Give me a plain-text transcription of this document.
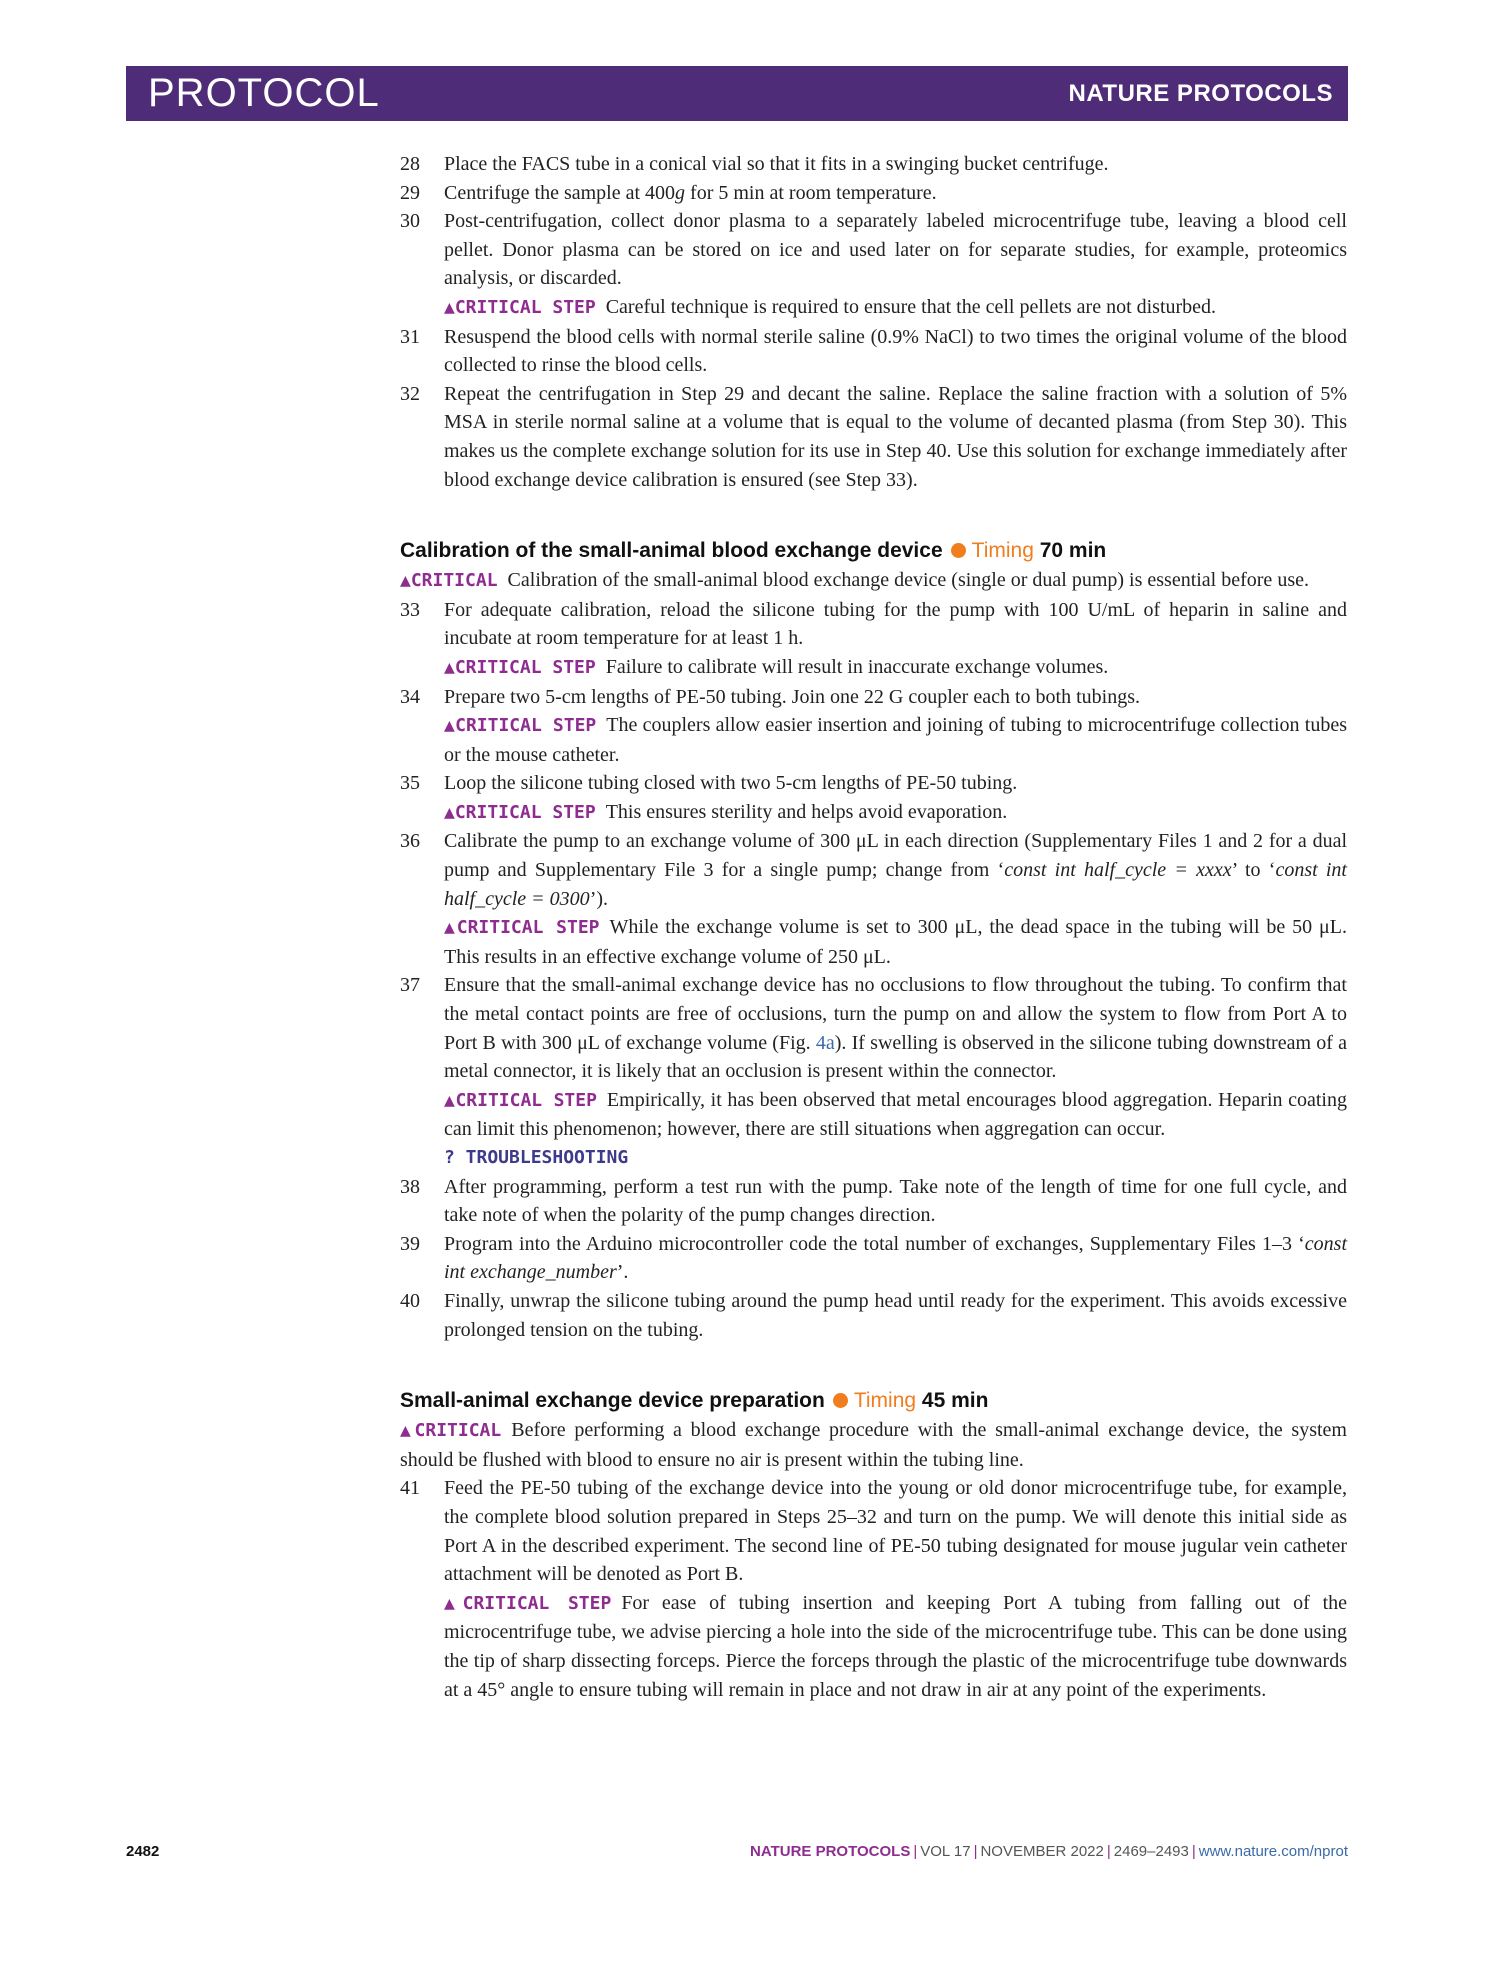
PROTOCOL	NATURE PROTOCOLS
28 Place the FACS tube in a conical vial so that it fits in a swinging bucket centrifuge.
29 Centrifuge the sample at 400g for 5 min at room temperature.
30 Post-centrifugation, collect donor plasma to a separately labeled microcentrifuge tube, leaving a blood cell pellet. Donor plasma can be stored on ice and used later on for separate studies, for example, proteomics analysis, or discarded.
▲CRITICAL STEP Careful technique is required to ensure that the cell pellets are not disturbed.
31 Resuspend the blood cells with normal sterile saline (0.9% NaCl) to two times the original volume of the blood collected to rinse the blood cells.
32 Repeat the centrifugation in Step 29 and decant the saline. Replace the saline fraction with a solution of 5% MSA in sterile normal saline at a volume that is equal to the volume of decanted plasma (from Step 30). This makes us the complete exchange solution for its use in Step 40. Use this solution for exchange immediately after blood exchange device calibration is ensured (see Step 33).
Calibration of the small-animal blood exchange device Timing 70 min
▲CRITICAL Calibration of the small-animal blood exchange device (single or dual pump) is essential before use.
33 For adequate calibration, reload the silicone tubing for the pump with 100 U/mL of heparin in saline and incubate at room temperature for at least 1 h.
▲CRITICAL STEP Failure to calibrate will result in inaccurate exchange volumes.
34 Prepare two 5-cm lengths of PE-50 tubing. Join one 22 G coupler each to both tubings.
▲CRITICAL STEP The couplers allow easier insertion and joining of tubing to microcentrifuge collection tubes or the mouse catheter.
35 Loop the silicone tubing closed with two 5-cm lengths of PE-50 tubing.
▲CRITICAL STEP This ensures sterility and helps avoid evaporation.
36 Calibrate the pump to an exchange volume of 300 μL in each direction (Supplementary Files 1 and 2 for a dual pump and Supplementary File 3 for a single pump; change from ‘const int half_cycle = xxxx’ to ‘const int half_cycle = 0300’).
▲CRITICAL STEP While the exchange volume is set to 300 μL, the dead space in the tubing will be 50 μL. This results in an effective exchange volume of 250 μL.
37 Ensure that the small-animal exchange device has no occlusions to flow throughout the tubing. To confirm that the metal contact points are free of occlusions, turn the pump on and allow the system to flow from Port A to Port B with 300 μL of exchange volume (Fig. 4a). If swelling is observed in the silicone tubing downstream of a metal connector, it is likely that an occlusion is present within the connector.
▲CRITICAL STEP Empirically, it has been observed that metal encourages blood aggregation. Heparin coating can limit this phenomenon; however, there are still situations when aggregation can occur.
? TROUBLESHOOTING
38 After programming, perform a test run with the pump. Take note of the length of time for one full cycle, and take note of when the polarity of the pump changes direction.
39 Program into the Arduino microcontroller code the total number of exchanges, Supplementary Files 1–3 ‘const int exchange_number’.
40 Finally, unwrap the silicone tubing around the pump head until ready for the experiment. This avoids excessive prolonged tension on the tubing.
Small-animal exchange device preparation Timing 45 min
▲CRITICAL Before performing a blood exchange procedure with the small-animal exchange device, the system should be flushed with blood to ensure no air is present within the tubing line.
41 Feed the PE-50 tubing of the exchange device into the young or old donor microcentrifuge tube, for example, the complete blood solution prepared in Steps 25–32 and turn on the pump. We will denote this initial side as Port A in the described experiment. The second line of PE-50 tubing designated for mouse jugular vein catheter attachment will be denoted as Port B.
▲CRITICAL STEP For ease of tubing insertion and keeping Port A tubing from falling out of the microcentrifuge tube, we advise piercing a hole into the side of the microcentrifuge tube. This can be done using the tip of sharp dissecting forceps. Pierce the forceps through the plastic of the microcentrifuge tube downwards at a 45° angle to ensure tubing will remain in place and not draw in air at any point of the experiments.
2482	NATURE PROTOCOLS | VOL 17 | NOVEMBER 2022 | 2469–2493 | www.nature.com/nprot
